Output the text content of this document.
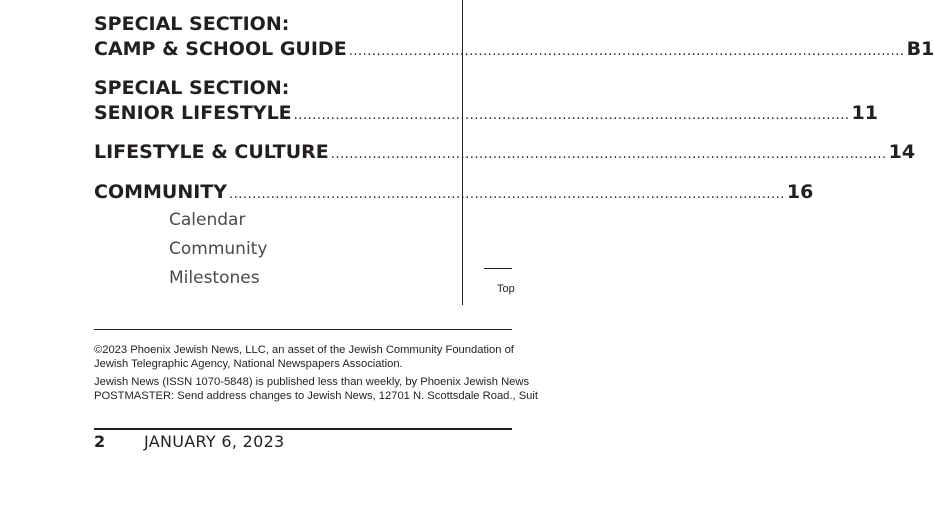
SPECIAL SECTION:
CAMP & SCHOOL GUIDE .....	B1
SPECIAL SECTION:
SENIOR LIFESTYLE .....	11
LIFESTYLE & CULTURE .....	14
COMMUNITY .....	16
Calendar
Community
Milestones
Top
©2023 Phoenix Jewish News, LLC, an asset of the Jewish Community Foundation of
Jewish Telegraphic Agency, National Newspapers Association.
Jewish News (ISSN 1070-5848) is published less than weekly, by Phoenix Jewish News
POSTMASTER: Send address changes to Jewish News, 12701 N. Scottsdale Road., Suit
2 JANUARY 6, 2023
